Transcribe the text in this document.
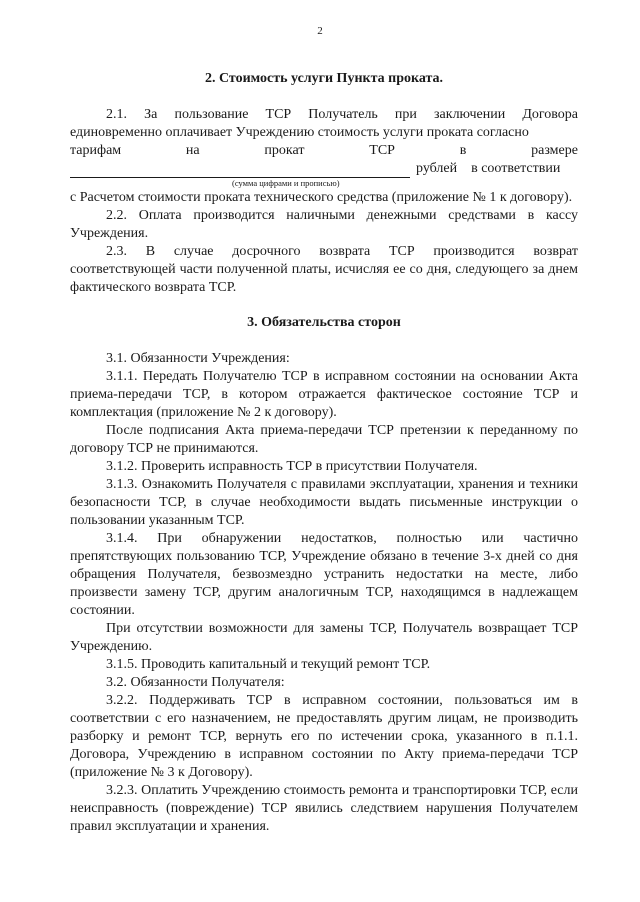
2
2. Стоимость услуги Пункта проката.

2.1. За пользование ТСР Получатель при заключении Договора единовременно оплачивает Учреждению стоимость услуги проката согласно

тарифам	на	прокат	ТСР	в	размере
рублей в соответствии
(сумма цифрами и прописью)

с Расчетом стоимости проката технического средства (приложение № 1 к договору).

2.2. Оплата производится наличными денежными средствами в кассу Учреждения.

2.3. В случае досрочного возврата ТСР производится возврат соответствующей части полученной платы, исчисляя ее со дня, следующего за днем фактического возврата ТСР.

3. Обязательства сторон

3.1. Обязанности Учреждения:

3.1.1. Передать Получателю ТСР в исправном состоянии на основании Акта приема-передачи ТСР, в котором отражается фактическое состояние ТСР и комплектация (приложение № 2 к договору).

После подписания Акта приема-передачи ТСР претензии к переданному по договору ТСР не принимаются.

3.1.2. Проверить исправность ТСР в присутствии Получателя.

3.1.3. Ознакомить Получателя с правилами эксплуатации, хранения и техники безопасности ТСР, в случае необходимости выдать письменные инструкции о пользовании указанным ТСР.

3.1.4. При обнаружении недостатков, полностью или частично препятствующих пользованию ТСР, Учреждение обязано в течение 3-х дней со дня обращения Получателя, безвозмездно устранить недостатки на месте, либо произвести замену ТСР, другим аналогичным ТСР, находящимся в надлежащем состоянии.

При отсутствии возможности для замены ТСР, Получатель возвращает ТСР Учреждению.

3.1.5. Проводить капитальный и текущий ремонт ТСР.

3.2. Обязанности Получателя:

3.2.2. Поддерживать ТСР в исправном состоянии, пользоваться им в соответствии с его назначением, не предоставлять другим лицам, не производить разборку и ремонт ТСР, вернуть его по истечении срока, указанного в п.1.1. Договора, Учреждению в исправном состоянии по Акту приема-передачи ТСР (приложение № 3 к Договору).

3.2.3. Оплатить Учреждению стоимость ремонта и транспортировки ТСР, если неисправность (повреждение) ТСР явились следствием нарушения Получателем правил эксплуатации и хранения.
